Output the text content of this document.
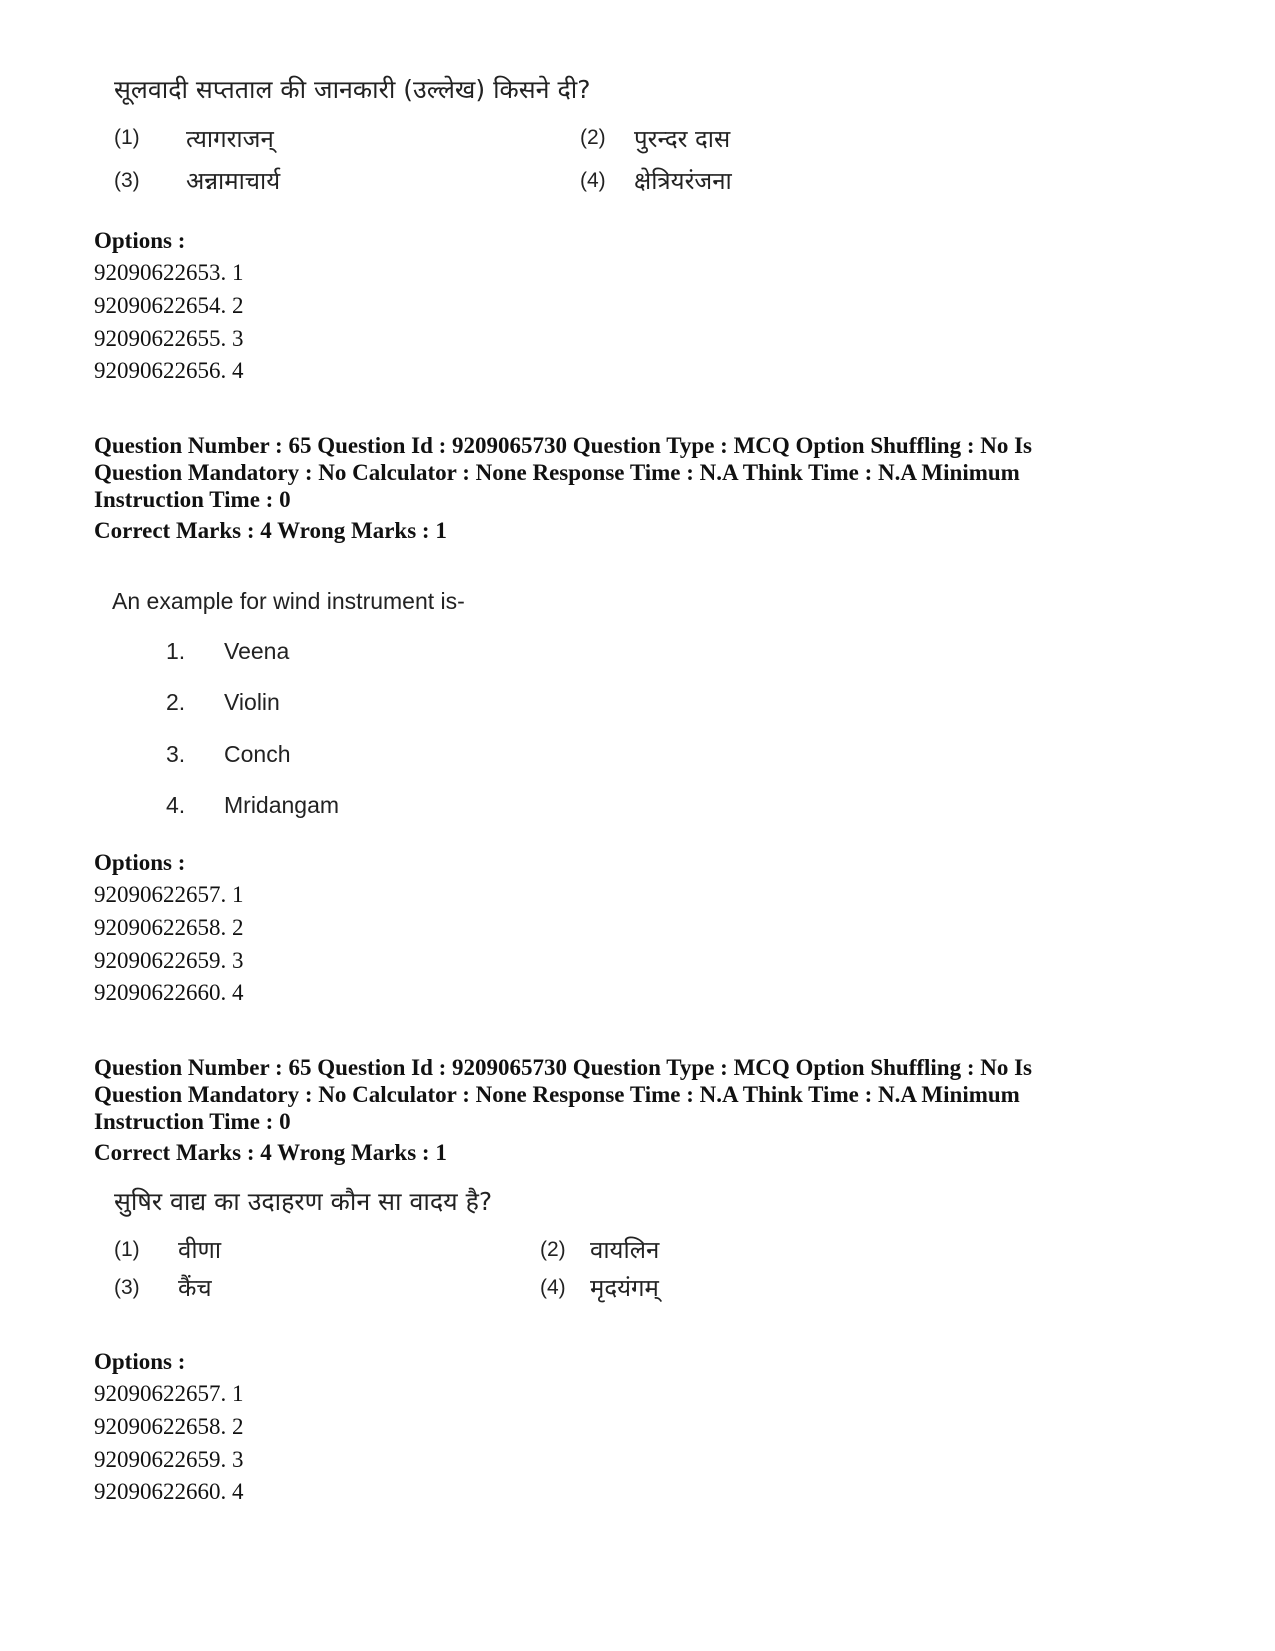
सूलवादी सप्तताल की जानकारी (उल्लेख) किसने दी?
(1) त्यागराजन्	(2) पुरन्दर दास
(3) अन्नामाचार्य	(4) क्षेत्रियरंजना
Options :
92090622653. 1
92090622654. 2
92090622655. 3
92090622656. 4
Question Number : 65 Question Id : 9209065730 Question Type : MCQ Option Shuffling : No Is
Question Mandatory : No Calculator : None Response Time : N.A Think Time : N.A Minimum
Instruction Time : 0
Correct Marks : 4 Wrong Marks : 1
An example for wind instrument is-
1. Veena
2. Violin
3. Conch
4. Mridangam
Options :
92090622657. 1
92090622658. 2
92090622659. 3
92090622660. 4
Question Number : 65 Question Id : 9209065730 Question Type : MCQ Option Shuffling : No Is
Question Mandatory : No Calculator : None Response Time : N.A Think Time : N.A Minimum
Instruction Time : 0
Correct Marks : 4 Wrong Marks : 1
सुषिर वाद्य का उदाहरण कौन सा वादय है?
(1) वीणा	(2) वायलिन
(3) कैंच	(4) मृदयंगम्
Options :
92090622657. 1
92090622658. 2
92090622659. 3
92090622660. 4
